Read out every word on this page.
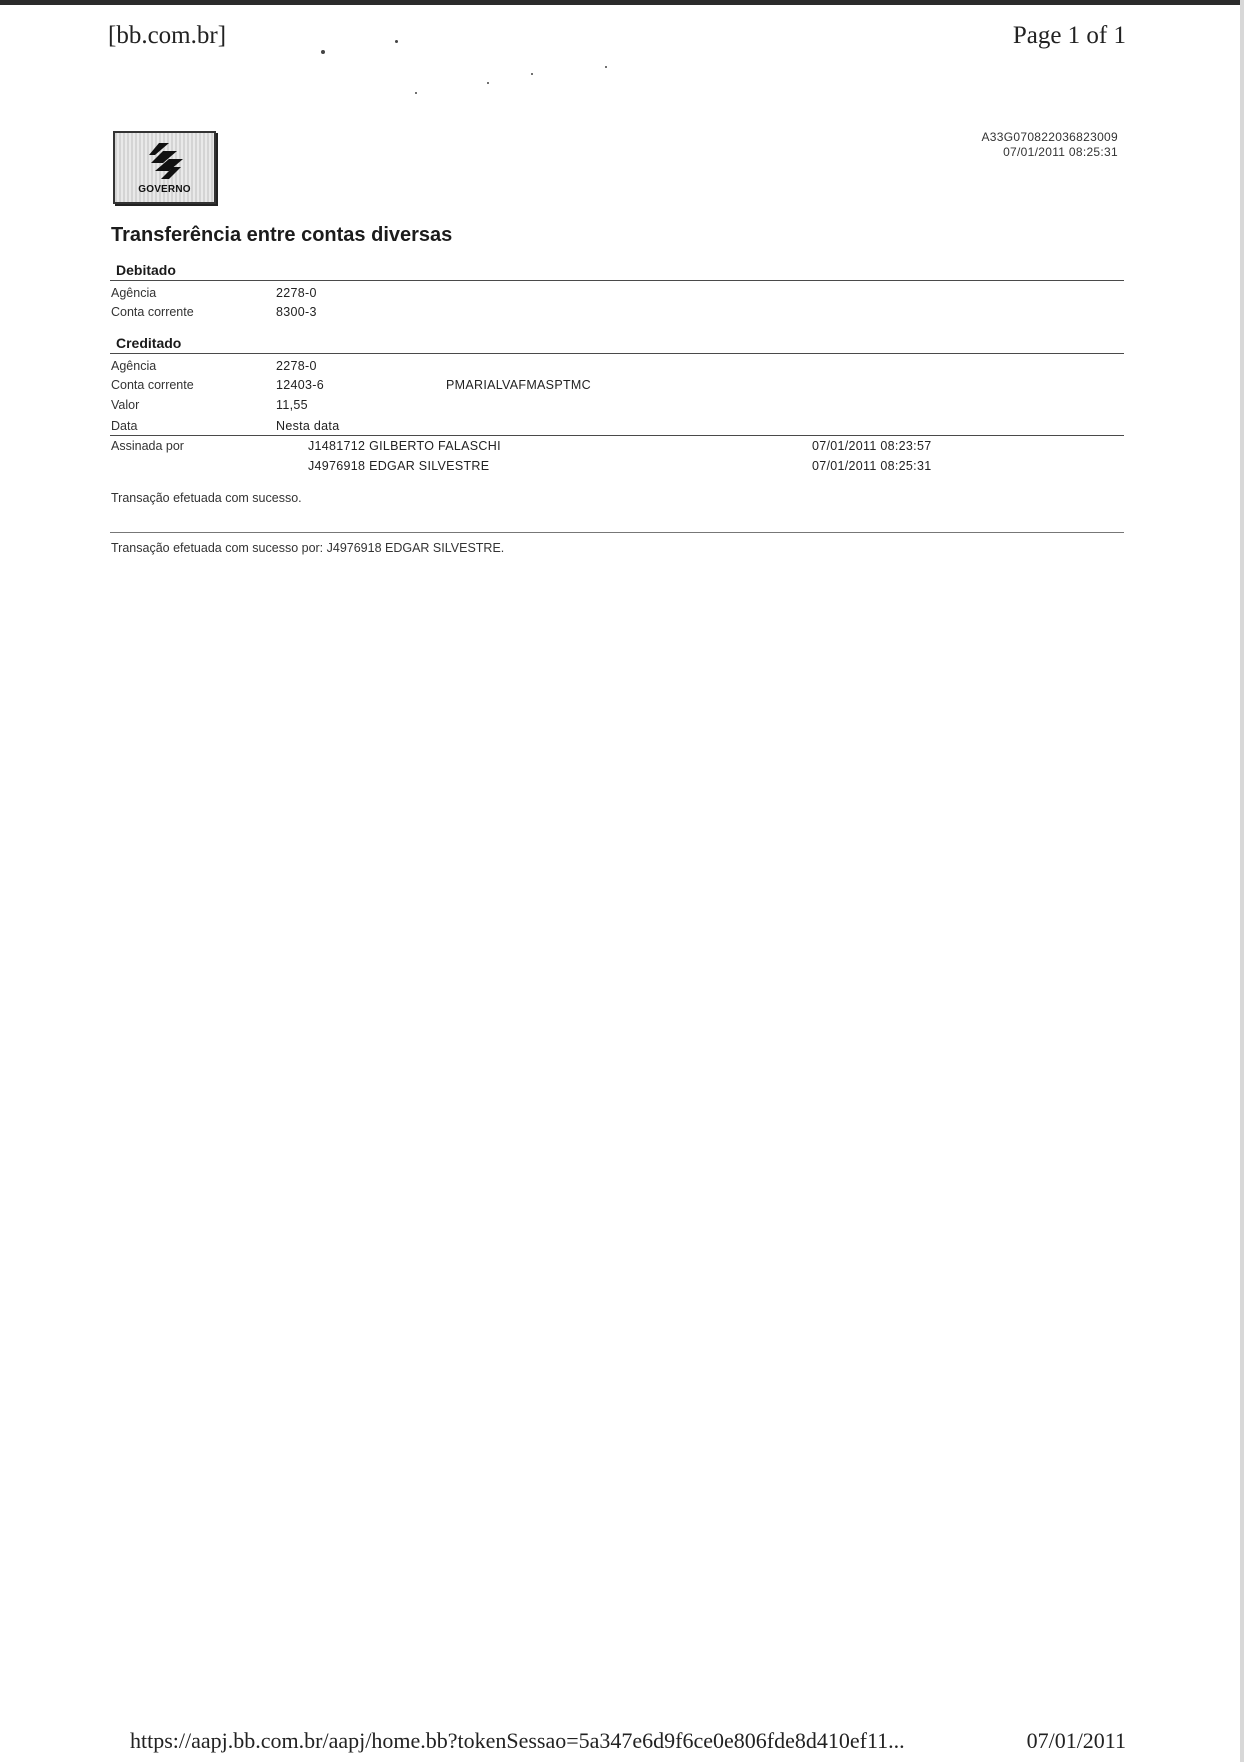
[bb.com.br]	Page 1 of 1
GOVERNO
A33G070822036823009
07/01/2011 08:25:31
Transferência entre contas diversas
Debitado
Agência	2278-0
Conta corrente	8300-3
Creditado
Agência	2278-0
Conta corrente	12403-6	PMARIALVAFMASPTMC
Valor	11,55
Data	Nesta data
Assinada por	J1481712 GILBERTO FALASCHI	07/01/2011 08:23:57
J4976918 EDGAR SILVESTRE	07/01/2011 08:25:31
Transação efetuada com sucesso.
Transação efetuada com sucesso por: J4976918 EDGAR SILVESTRE.
https://aapj.bb.com.br/aapj/home.bb?tokenSessao=5a347e6d9f6ce0e806fde8d410ef11...	07/01/2011
